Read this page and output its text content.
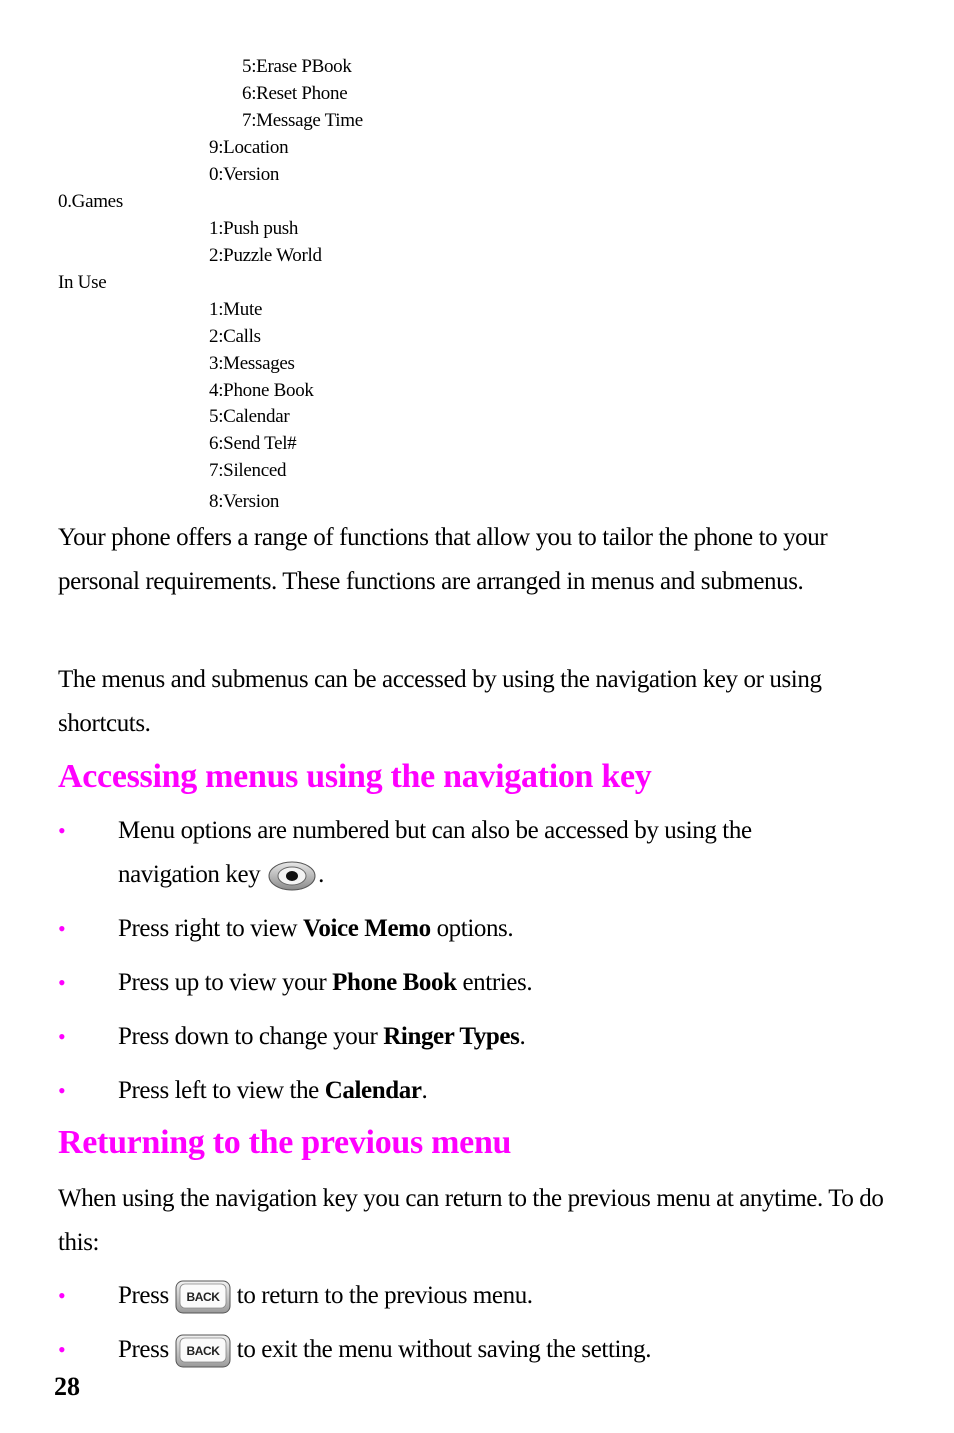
5:Erase PBook
6:Reset Phone
7:Message Time
9:Location
0:Version
0.Games
1:Push push
2:Puzzle World
In Use
1:Mute
2:Calls
3:Messages
4:Phone Book
5:Calendar
6:Send Tel#
7:Silenced
8:Version
Your phone offers a range of functions that allow you to tailor the phone to your personal requirements. These functions are arranged in menus and submenus.
The menus and submenus can be accessed by using the navigation key or using shortcuts.
Accessing menus using the navigation key
• Menu options are numbered but can also be accessed by using the
navigation key .
• Press right to view Voice Memo options.
• Press up to view your Phone Book entries.
• Press down to change your Ringer Types.
• Press left to view the Calendar.
Returning to the previous menu
When using the navigation key you can return to the previous menu at anytime. To do this:
• Press BACK to return to the previous menu.
• Press BACK to exit the menu without saving the setting.
28
